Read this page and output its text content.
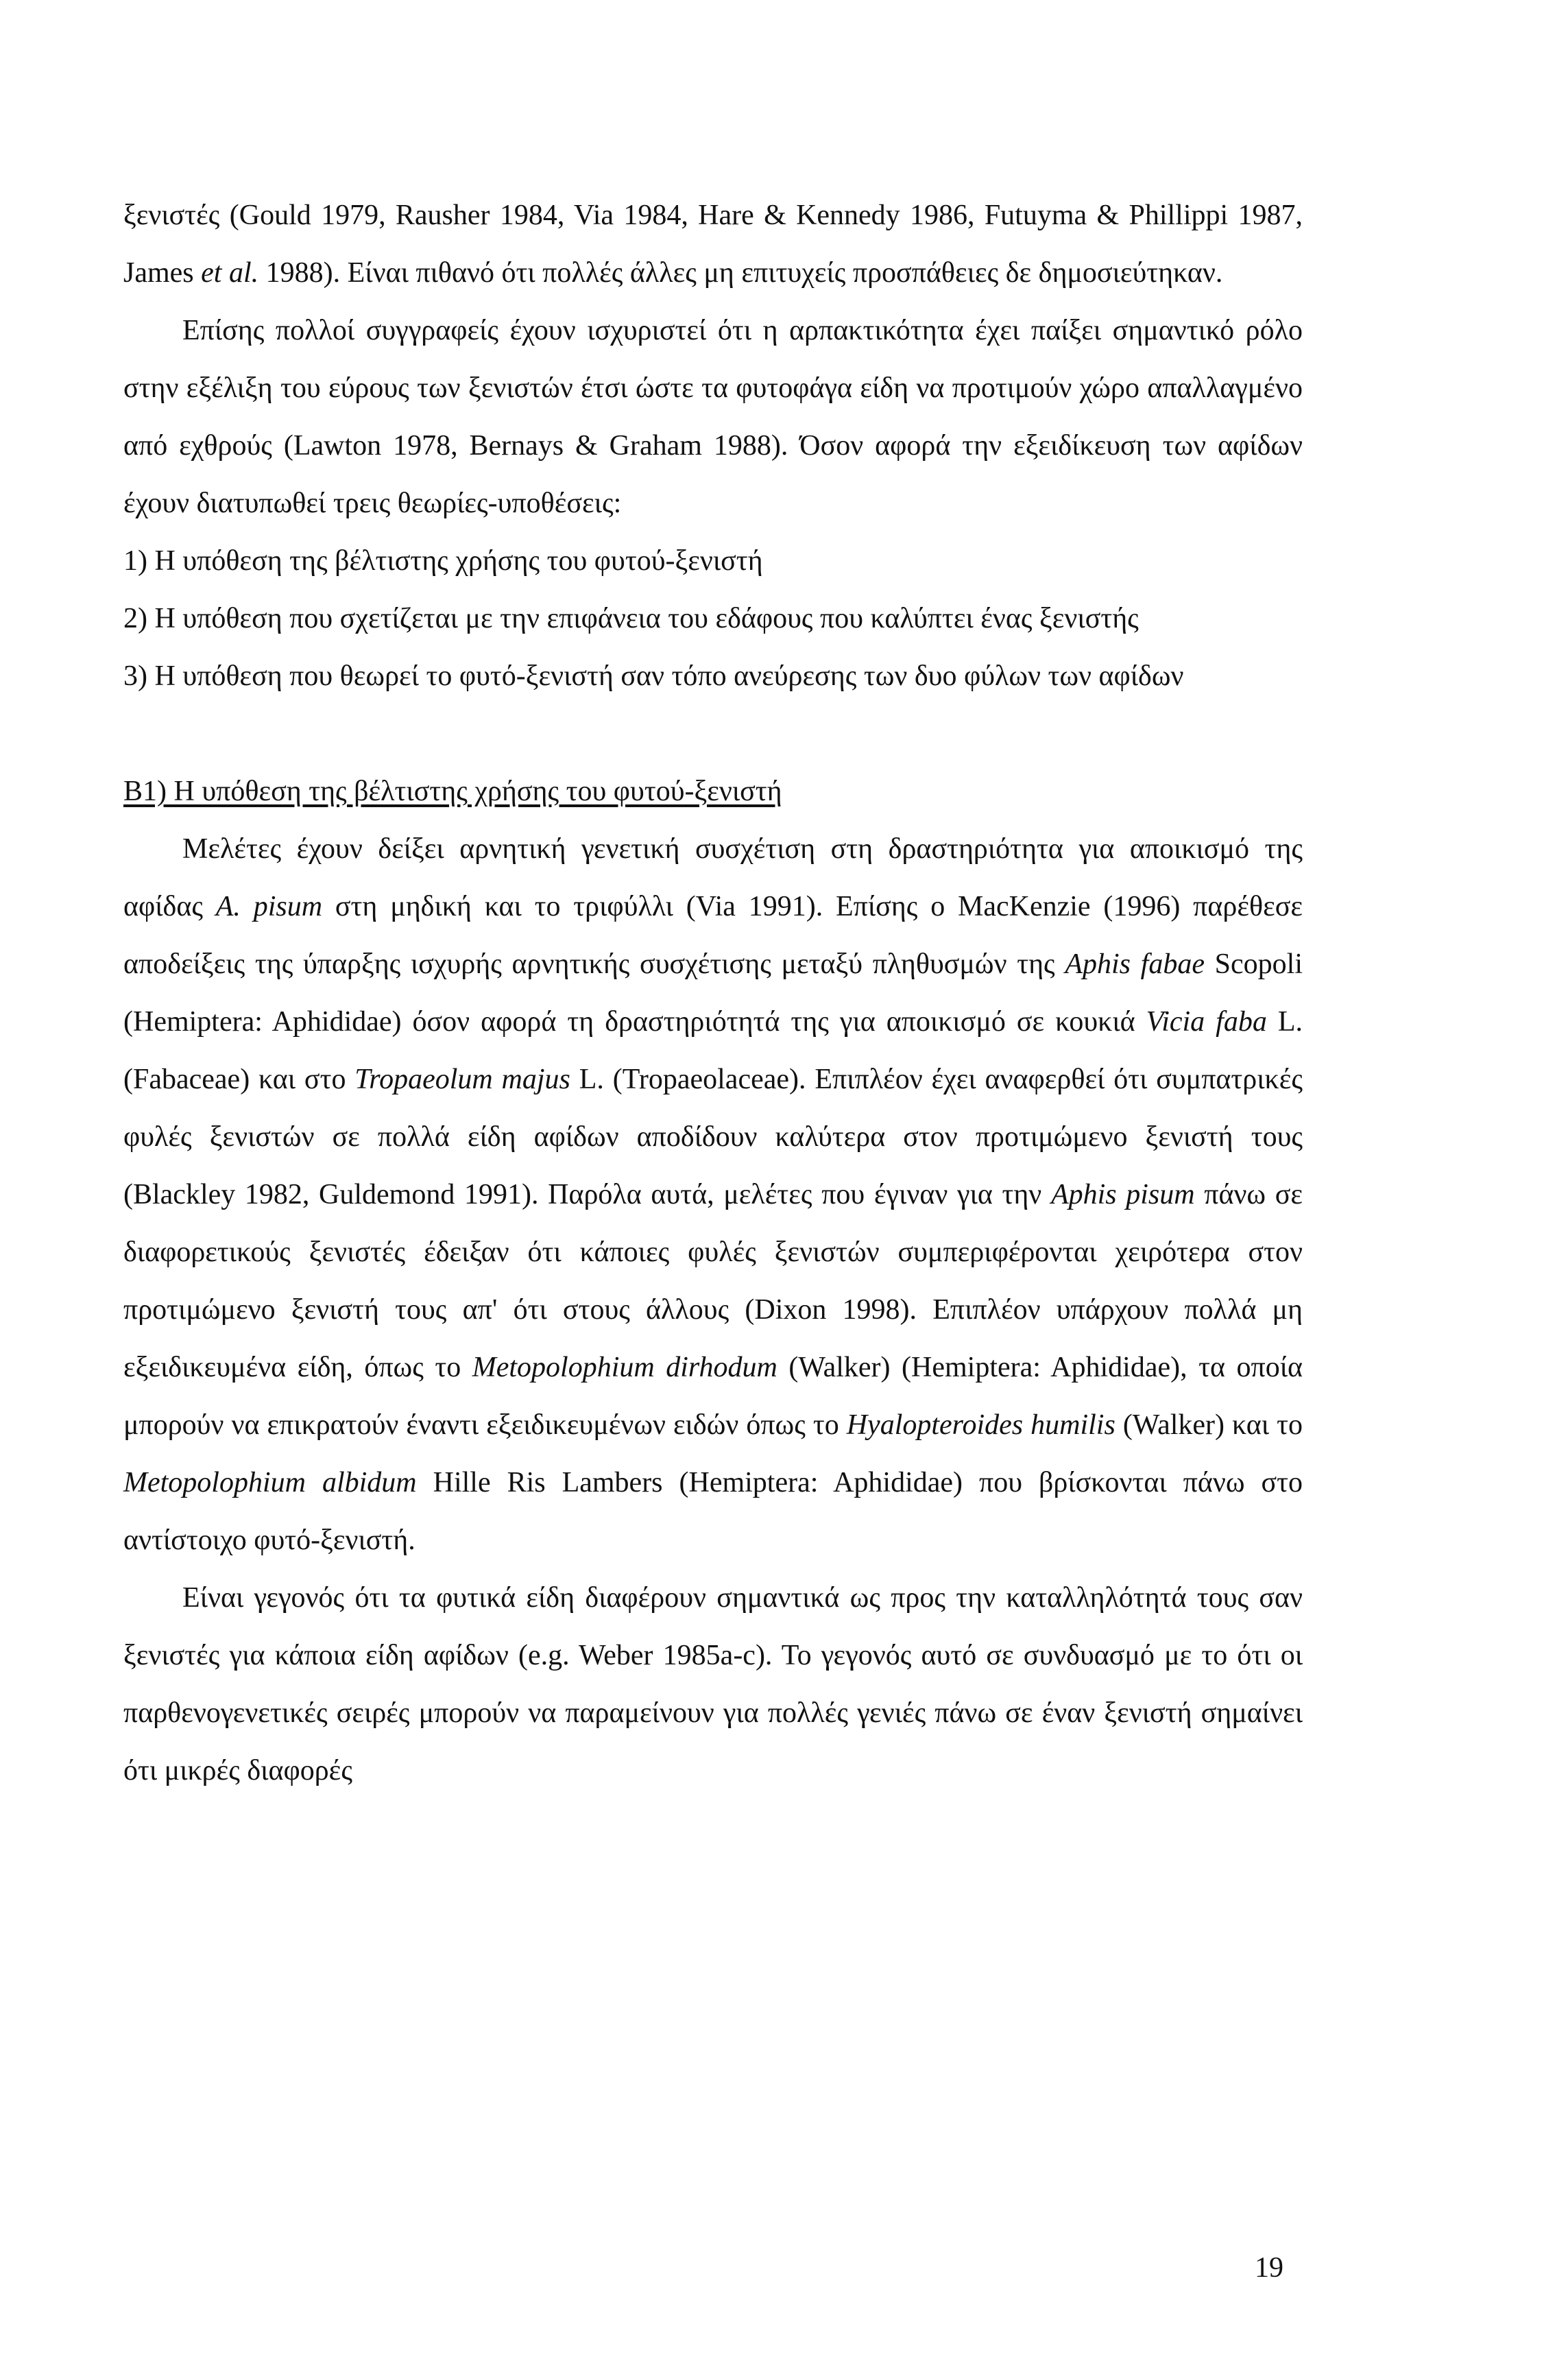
ξενιστές (Gould 1979, Rausher 1984, Via 1984, Hare & Kennedy 1986, Futuyma & Phillippi 1987, James et al. 1988). Είναι πιθανό ότι πολλές άλλες μη επιτυχείς προσπάθειες δε δημοσιεύτηκαν.

Επίσης πολλοί συγγραφείς έχουν ισχυριστεί ότι η αρπακτικότητα έχει παίξει σημαντικό ρόλο στην εξέλιξη του εύρους των ξενιστών έτσι ώστε τα φυτοφάγα είδη να προτιμούν χώρο απαλλαγμένο από εχθρούς (Lawton 1978, Bernays & Graham 1988). Όσον αφορά την εξειδίκευση των αφίδων έχουν διατυπωθεί τρεις θεωρίες-υποθέσεις:

1) Η υπόθεση της βέλτιστης χρήσης του φυτού-ξενιστή

2) Η υπόθεση που σχετίζεται με την επιφάνεια του εδάφους που καλύπτει ένας ξενιστής

3) Η υπόθεση που θεωρεί το φυτό-ξενιστή σαν τόπο ανεύρεσης των δυο φύλων των αφίδων

B1) Η υπόθεση της βέλτιστης χρήσης του φυτού-ξενιστή

Μελέτες έχουν δείξει αρνητική γενετική συσχέτιση στη δραστηριότητα για αποικισμό της αφίδας A. pisum στη μηδική και το τριφύλλι (Via 1991). Επίσης ο MacKenzie (1996) παρέθεσε αποδείξεις της ύπαρξης ισχυρής αρνητικής συσχέτισης μεταξύ πληθυσμών της Aphis fabae Scopoli (Hemiptera: Aphididae) όσον αφορά τη δραστηριότητά της για αποικισμό σε κουκιά Vicia faba L. (Fabaceae) και στο Tropaeolum majus L. (Tropaeolaceae). Επιπλέον έχει αναφερθεί ότι συμπατρικές φυλές ξενιστών σε πολλά είδη αφίδων αποδίδουν καλύτερα στον προτιμώμενο ξενιστή τους (Blackley 1982, Guldemond 1991). Παρόλα αυτά, μελέτες που έγιναν για την Aphis pisum πάνω σε διαφορετικούς ξενιστές έδειξαν ότι κάποιες φυλές ξενιστών συμπεριφέρονται χειρότερα στον προτιμώμενο ξενιστή τους απ' ότι στους άλλους (Dixon 1998). Επιπλέον υπάρχουν πολλά μη εξειδικευμένα είδη, όπως το Metopolophium dirhodum (Walker) (Hemiptera: Aphididae), τα οποία μπορούν να επικρατούν έναντι εξειδικευμένων ειδών όπως το Hyalopteroides humilis (Walker) και το Metopolophium albidum Hille Ris Lambers (Hemiptera: Aphididae) που βρίσκονται πάνω στο αντίστοιχο φυτό-ξενιστή.

Είναι γεγονός ότι τα φυτικά είδη διαφέρουν σημαντικά ως προς την καταλληλότητά τους σαν ξενιστές για κάποια είδη αφίδων (e.g. Weber 1985a-c). Το γεγονός αυτό σε συνδυασμό με το ότι οι παρθενογενετικές σειρές μπορούν να παραμείνουν για πολλές γενιές πάνω σε έναν ξενιστή σημαίνει ότι μικρές διαφορές

19
